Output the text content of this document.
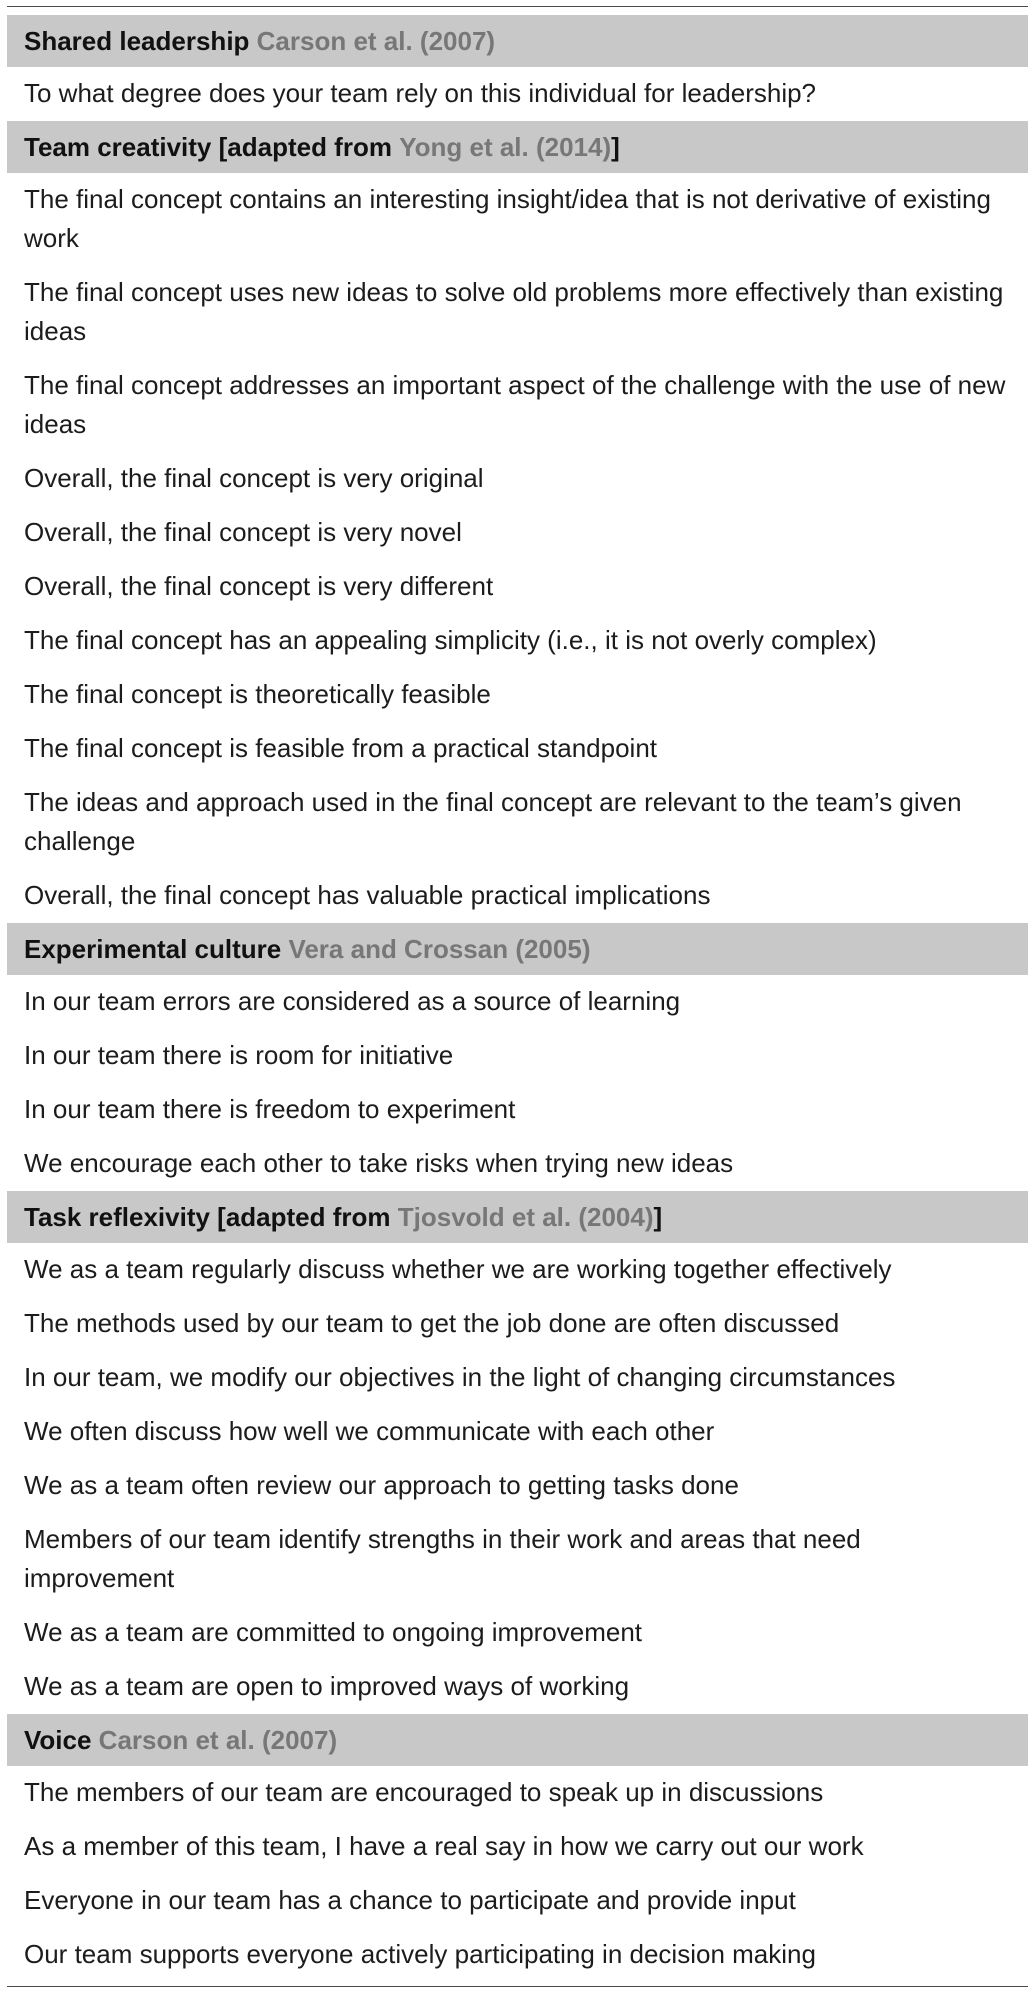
Shared leadership
Carson et al. (2007)
To what degree does your team rely on this individual for leadership?
Team creativity [adapted from
Yong et al. (2014) ]
The final concept contains an interesting insight/idea that is not derivative of existing work
The final concept uses new ideas to solve old problems more effectively than existing ideas
The final concept addresses an important aspect of the challenge with the use of new ideas
Overall, the final concept is very original
Overall, the final concept is very novel
Overall, the final concept is very different
The final concept has an appealing simplicity (i.e., it is not overly complex)
The final concept is theoretically feasible
The final concept is feasible from a practical standpoint
The ideas and approach used in the final concept are relevant to the team’s given challenge
Overall, the final concept has valuable practical implications
Experimental culture
Vera and Crossan (2005)
In our team errors are considered as a source of learning
In our team there is room for initiative
In our team there is freedom to experiment
We encourage each other to take risks when trying new ideas
Task reflexivity [adapted from
Tjosvold et al. (2004) ]
We as a team regularly discuss whether we are working together effectively
The methods used by our team to get the job done are often discussed
In our team, we modify our objectives in the light of changing circumstances
We often discuss how well we communicate with each other
We as a team often review our approach to getting tasks done
Members of our team identify strengths in their work and areas that need improvement
We as a team are committed to ongoing improvement
We as a team are open to improved ways of working
Voice
Carson et al. (2007)
The members of our team are encouraged to speak up in discussions
As a member of this team, I have a real say in how we carry out our work
Everyone in our team has a chance to participate and provide input
Our team supports everyone actively participating in decision making
